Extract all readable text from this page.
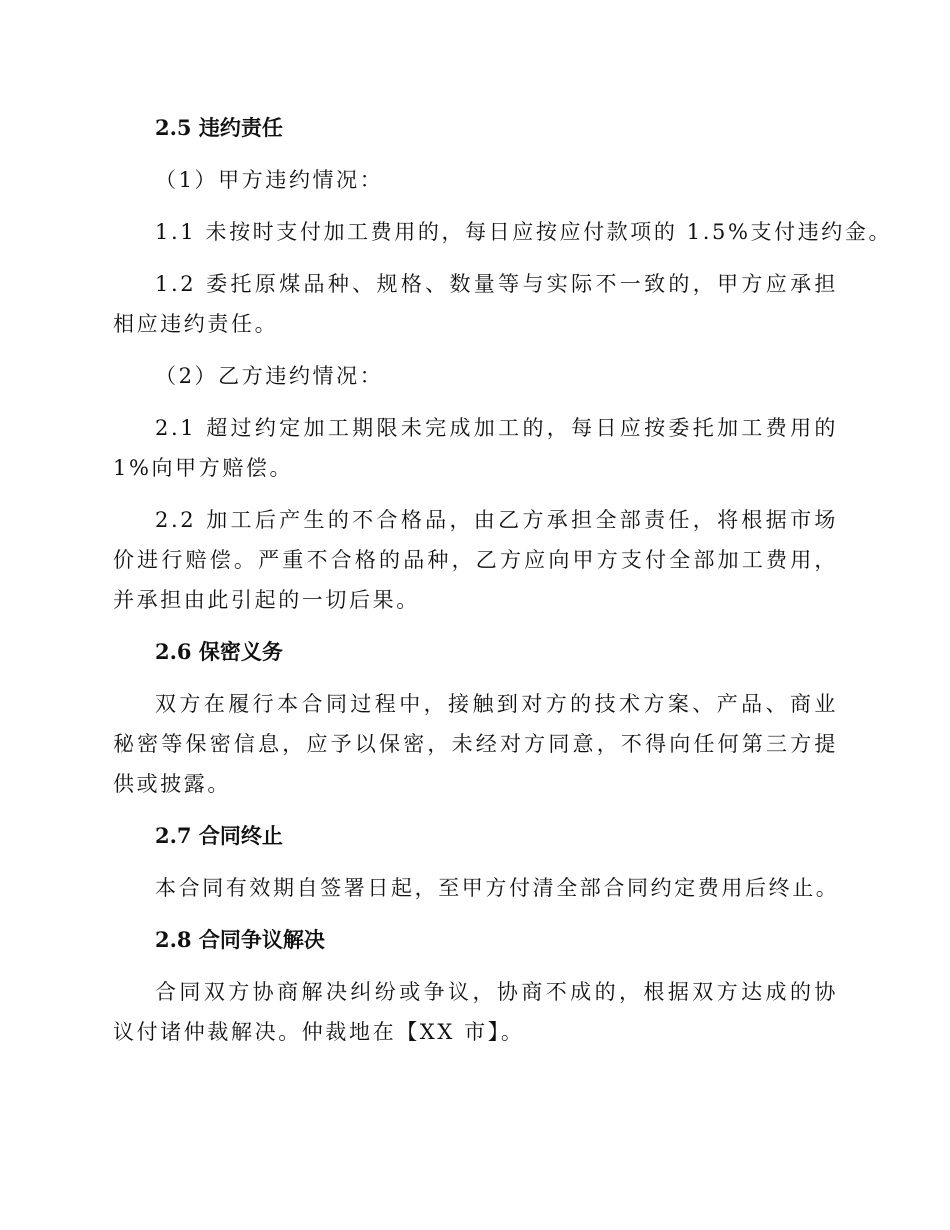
2.5 违约责任

（1）甲方违约情况：

1.1 未按时支付加工费用的，每日应按应付款项的 1.5%支付违约金。

1.2 委托原煤品种、规格、数量等与实际不一致的，甲方应承担相应违约责任。

（2）乙方违约情况：

2.1 超过约定加工期限未完成加工的，每日应按委托加工费用的 1%向甲方赔偿。

2.2 加工后产生的不合格品，由乙方承担全部责任，将根据市场价进行赔偿。严重不合格的品种，乙方应向甲方支付全部加工费用，并承担由此引起的一切后果。

2.6 保密义务

双方在履行本合同过程中，接触到对方的技术方案、产品、商业秘密等保密信息，应予以保密，未经对方同意，不得向任何第三方提供或披露。

2.7 合同终止

本合同有效期自签署日起，至甲方付清全部合同约定费用后终止。

2.8 合同争议解决

合同双方协商解决纠纷或争议，协商不成的，根据双方达成的协议付诸仲裁解决。仲裁地在【XX 市】。
